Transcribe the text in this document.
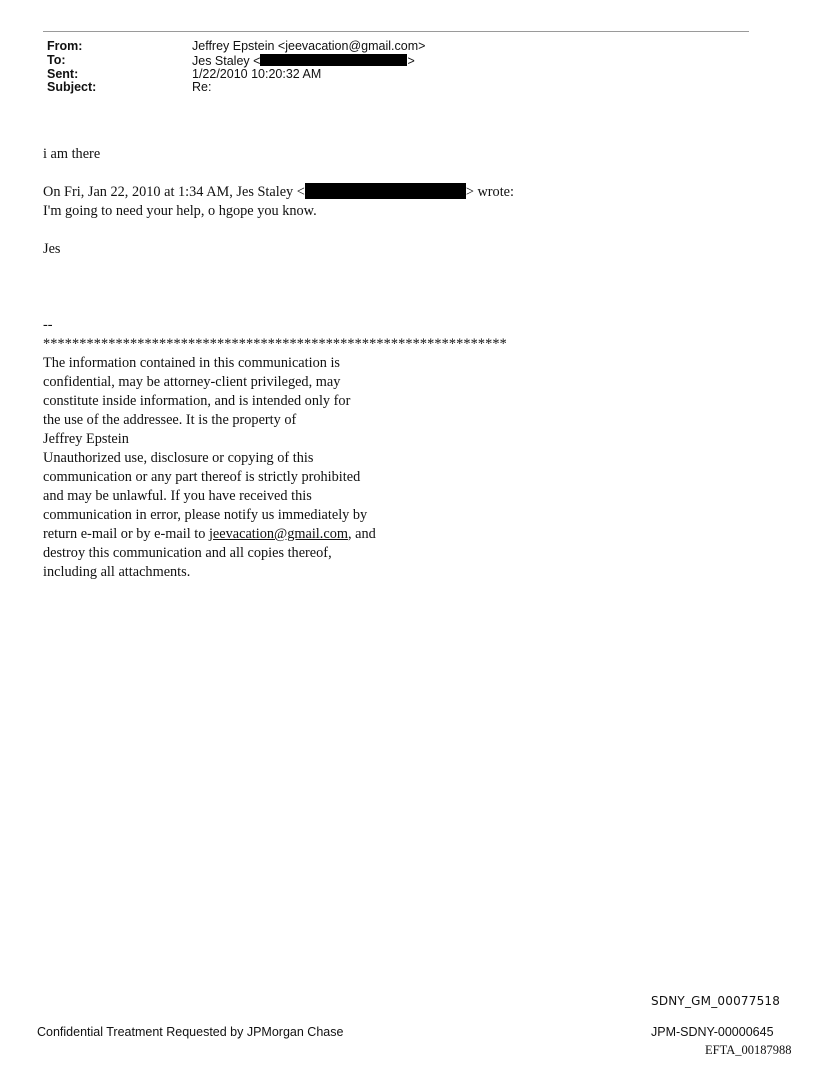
From:	Jeffrey Epstein <jeevacation@gmail.com>
To:	Jes Staley <	>
Sent:	1/22/2010 10:20:32 AM
Subject:	Re:

i am there

On Fri, Jan 22, 2010 at 1:34 AM, Jes Staley <	> wrote:

I'm going to need your help, o hgope you know.

Jes

--

****************************************************************

The information contained in this communication is

confidential, may be attorney-client privileged, may

constitute inside information, and is intended only for

the use of the addressee. It is the property of

Jeffrey Epstein

Unauthorized use, disclosure or copying of this

communication or any part thereof is strictly prohibited

and may be unlawful. If you have received this

communication in error, please notify us immediately by

return e-mail or by e-mail to jeevacation@gmail.com, and

destroy this communication and all copies thereof,

including all attachments.

Confidential Treatment Requested by JPMorgan Chase
SDNY_GM_00077518
JPM-SDNY-00000645
EFTA_00187988
